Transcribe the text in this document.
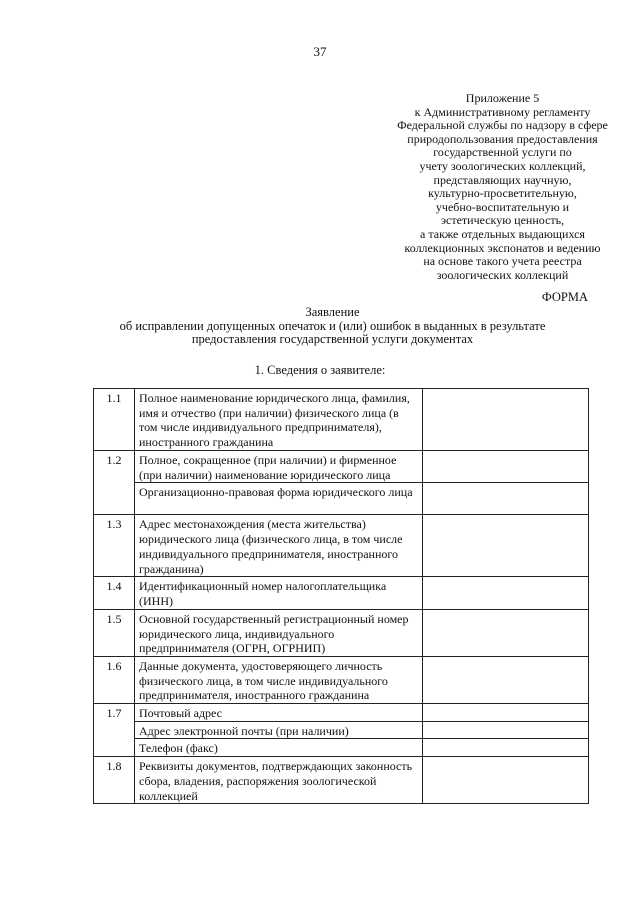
37
Приложение 5
к Административному регламенту
Федеральной службы по надзору в сфере
природопользования предоставления
государственной услуги по
учету зоологических коллекций,
представляющих научную,
культурно-просветительную,
учебно-воспитательную и
эстетическую ценность,
а также отдельных выдающихся
коллекционных экспонатов и ведению
на основе такого учета реестра
зоологических коллекций
ФОРМА
Заявление
об исправлении допущенных опечаток и (или) ошибок в выданных в результате
предоставления государственной услуги документах
1. Сведения о заявителе:
1.1	Полное наименование юридического лица, фамилия, имя и отчество (при наличии) физического лица (в том числе индивидуального предпринимателя), иностранного гражданина	
1.2	Полное, сокращенное (при наличии) и фирменное (при наличии) наименование юридического лица	
	Организационно-правовая форма юридического лица	
1.3	Адрес местонахождения (места жительства) юридического лица (физического лица, в том числе индивидуального предпринимателя, иностранного гражданина)	
1.4	Идентификационный номер налогоплательщика (ИНН)	
1.5	Основной государственный регистрационный номер юридического лица, индивидуального предпринимателя (ОГРН, ОГРНИП)	
1.6	Данные документа, удостоверяющего личность физического лица, в том числе индивидуального предпринимателя, иностранного гражданина	
1.7	Почтовый адрес	
	Адрес электронной почты (при наличии)	
	Телефон (факс)	
1.8	Реквизиты документов, подтверждающих законность сбора, владения, распоряжения зоологической коллекцией	
